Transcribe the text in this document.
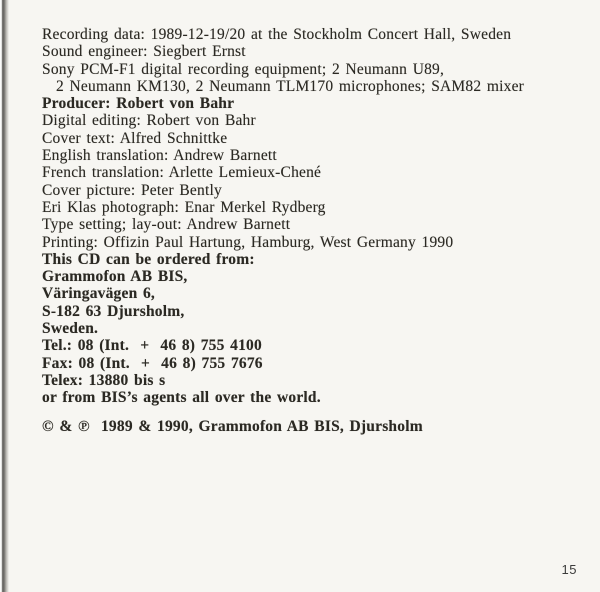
Recording data: 1989-12-19/20 at the Stockholm Concert Hall, Sweden
Sound engineer: Siegbert Ernst
Sony PCM-F1 digital recording equipment; 2 Neumann U89,
2 Neumann KM130, 2 Neumann TLM170 microphones; SAM82 mixer
Producer: Robert von Bahr
Digital editing: Robert von Bahr
Cover text: Alfred Schnittke
English translation: Andrew Barnett
French translation: Arlette Lemieux-Chené
Cover picture: Peter Bently
Eri Klas photograph: Enar Merkel Rydberg
Type setting; lay-out: Andrew Barnett
Printing: Offizin Paul Hartung, Hamburg, West Germany 1990
This CD can be ordered from:
Grammofon AB BIS,
Väringavägen 6,
S-182 63 Djursholm,
Sweden.
Tel.: 08 (Int.  +  46 8) 755 4100
Fax: 08 (Int.  +  46 8) 755 7676
Telex: 13880 bis s
or from BIS’s agents all over the world.
© & ℗  1989 & 1990, Grammofon AB BIS, Djursholm
15
